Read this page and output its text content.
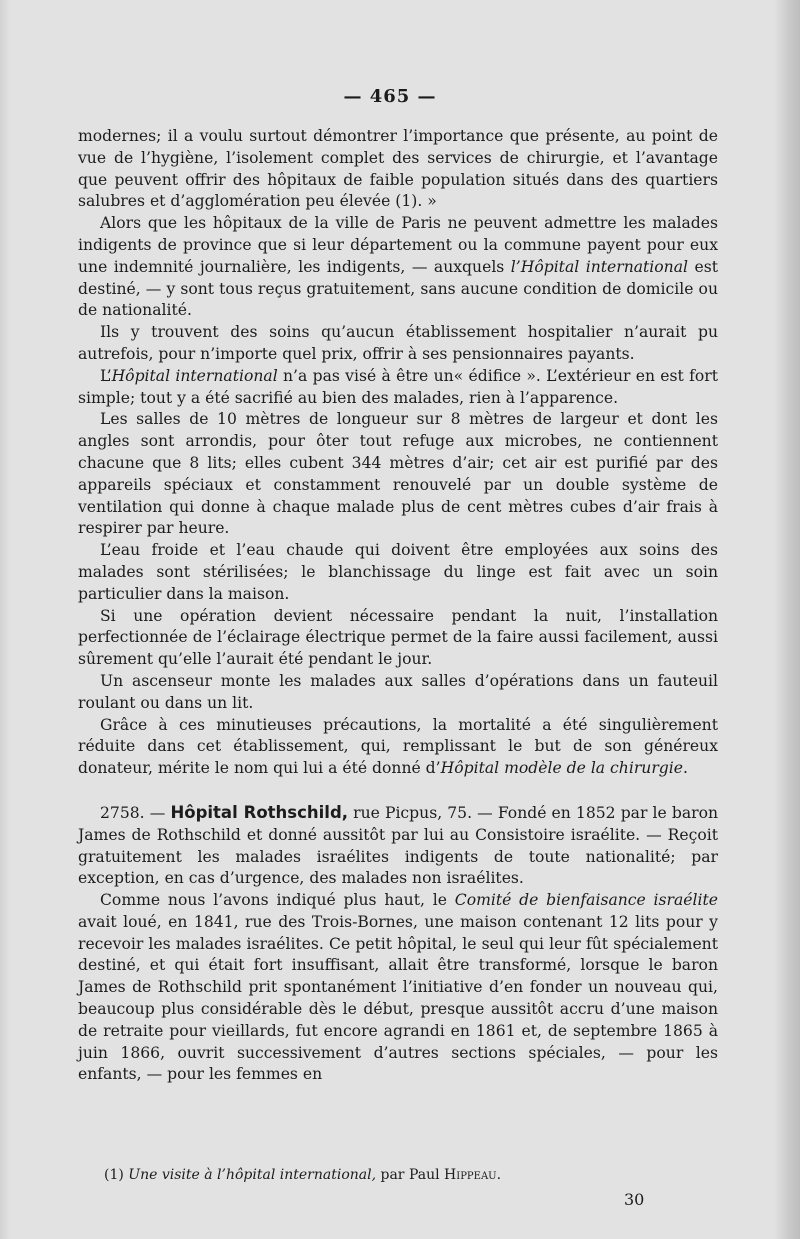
— 465 —

modernes; il a voulu surtout démontrer l’importance que présente, au point de vue de l’hygiène, l’isolement complet des services de chirurgie, et l’avantage que peuvent offrir des hôpitaux de faible population situés dans des quartiers salubres et d’agglomération peu élevée (1). »

Alors que les hôpitaux de la ville de Paris ne peuvent admettre les malades indigents de province que si leur département ou la commune payent pour eux une indemnité journalière, les indigents, — auxquels l’Hôpital international est destiné, — y sont tous reçus gratuitement, sans aucune condition de domicile ou de nationalité.

Ils y trouvent des soins qu’aucun établissement hospitalier n’aurait pu autrefois, pour n’importe quel prix, offrir à ses pensionnaires payants.

L’Hôpital international n’a pas visé à être un« édifice ». L’extérieur en est fort simple; tout y a été sacrifié au bien des malades, rien à l’apparence.

Les salles de 10 mètres de longueur sur 8 mètres de largeur et dont les angles sont arrondis, pour ôter tout refuge aux microbes, ne contiennent chacune que 8 lits; elles cubent 344 mètres d’air; cet air est purifié par des appareils spéciaux et constamment renouvelé par un double système de ventilation qui donne à chaque malade plus de cent mètres cubes d’air frais à respirer par heure.

L’eau froide et l’eau chaude qui doivent être employées aux soins des malades sont stérilisées; le blanchissage du linge est fait avec un soin particulier dans la maison.

Si une opération devient nécessaire pendant la nuit, l’installation perfectionnée de l’éclairage électrique permet de la faire aussi facilement, aussi sûrement qu’elle l’aurait été pendant le jour.

Un ascenseur monte les malades aux salles d’opérations dans un fauteuil roulant ou dans un lit.

Grâce à ces minutieuses précautions, la mortalité a été singulièrement réduite dans cet établissement, qui, remplissant le but de son généreux donateur, mérite le nom qui lui a été donné d’Hôpital modèle de la chirurgie.

2758. — Hôpital Rothschild, rue Picpus, 75. — Fondé en 1852 par le baron James de Rothschild et donné aussitôt par lui au Consistoire israélite. — Reçoit gratuitement les malades israélites indigents de toute nationalité; par exception, en cas d’urgence, des malades non israélites.

Comme nous l’avons indiqué plus haut, le Comité de bienfaisance israélite avait loué, en 1841, rue des Trois-Bornes, une maison contenant 12 lits pour y recevoir les malades israélites. Ce petit hôpital, le seul qui leur fût spécialement destiné, et qui était fort insuffisant, allait être transformé, lorsque le baron James de Rothschild prit spontanément l’initiative d’en fonder un nouveau qui, beaucoup plus considérable dès le début, presque aussitôt accru d’une maison de retraite pour vieillards, fut encore agrandi en 1861 et, de septembre 1865 à juin 1866, ouvrit successivement d’autres sections spéciales, — pour les enfants, — pour les femmes en

(1) Une visite à l’hôpital international, par Paul Hippeau.
30
